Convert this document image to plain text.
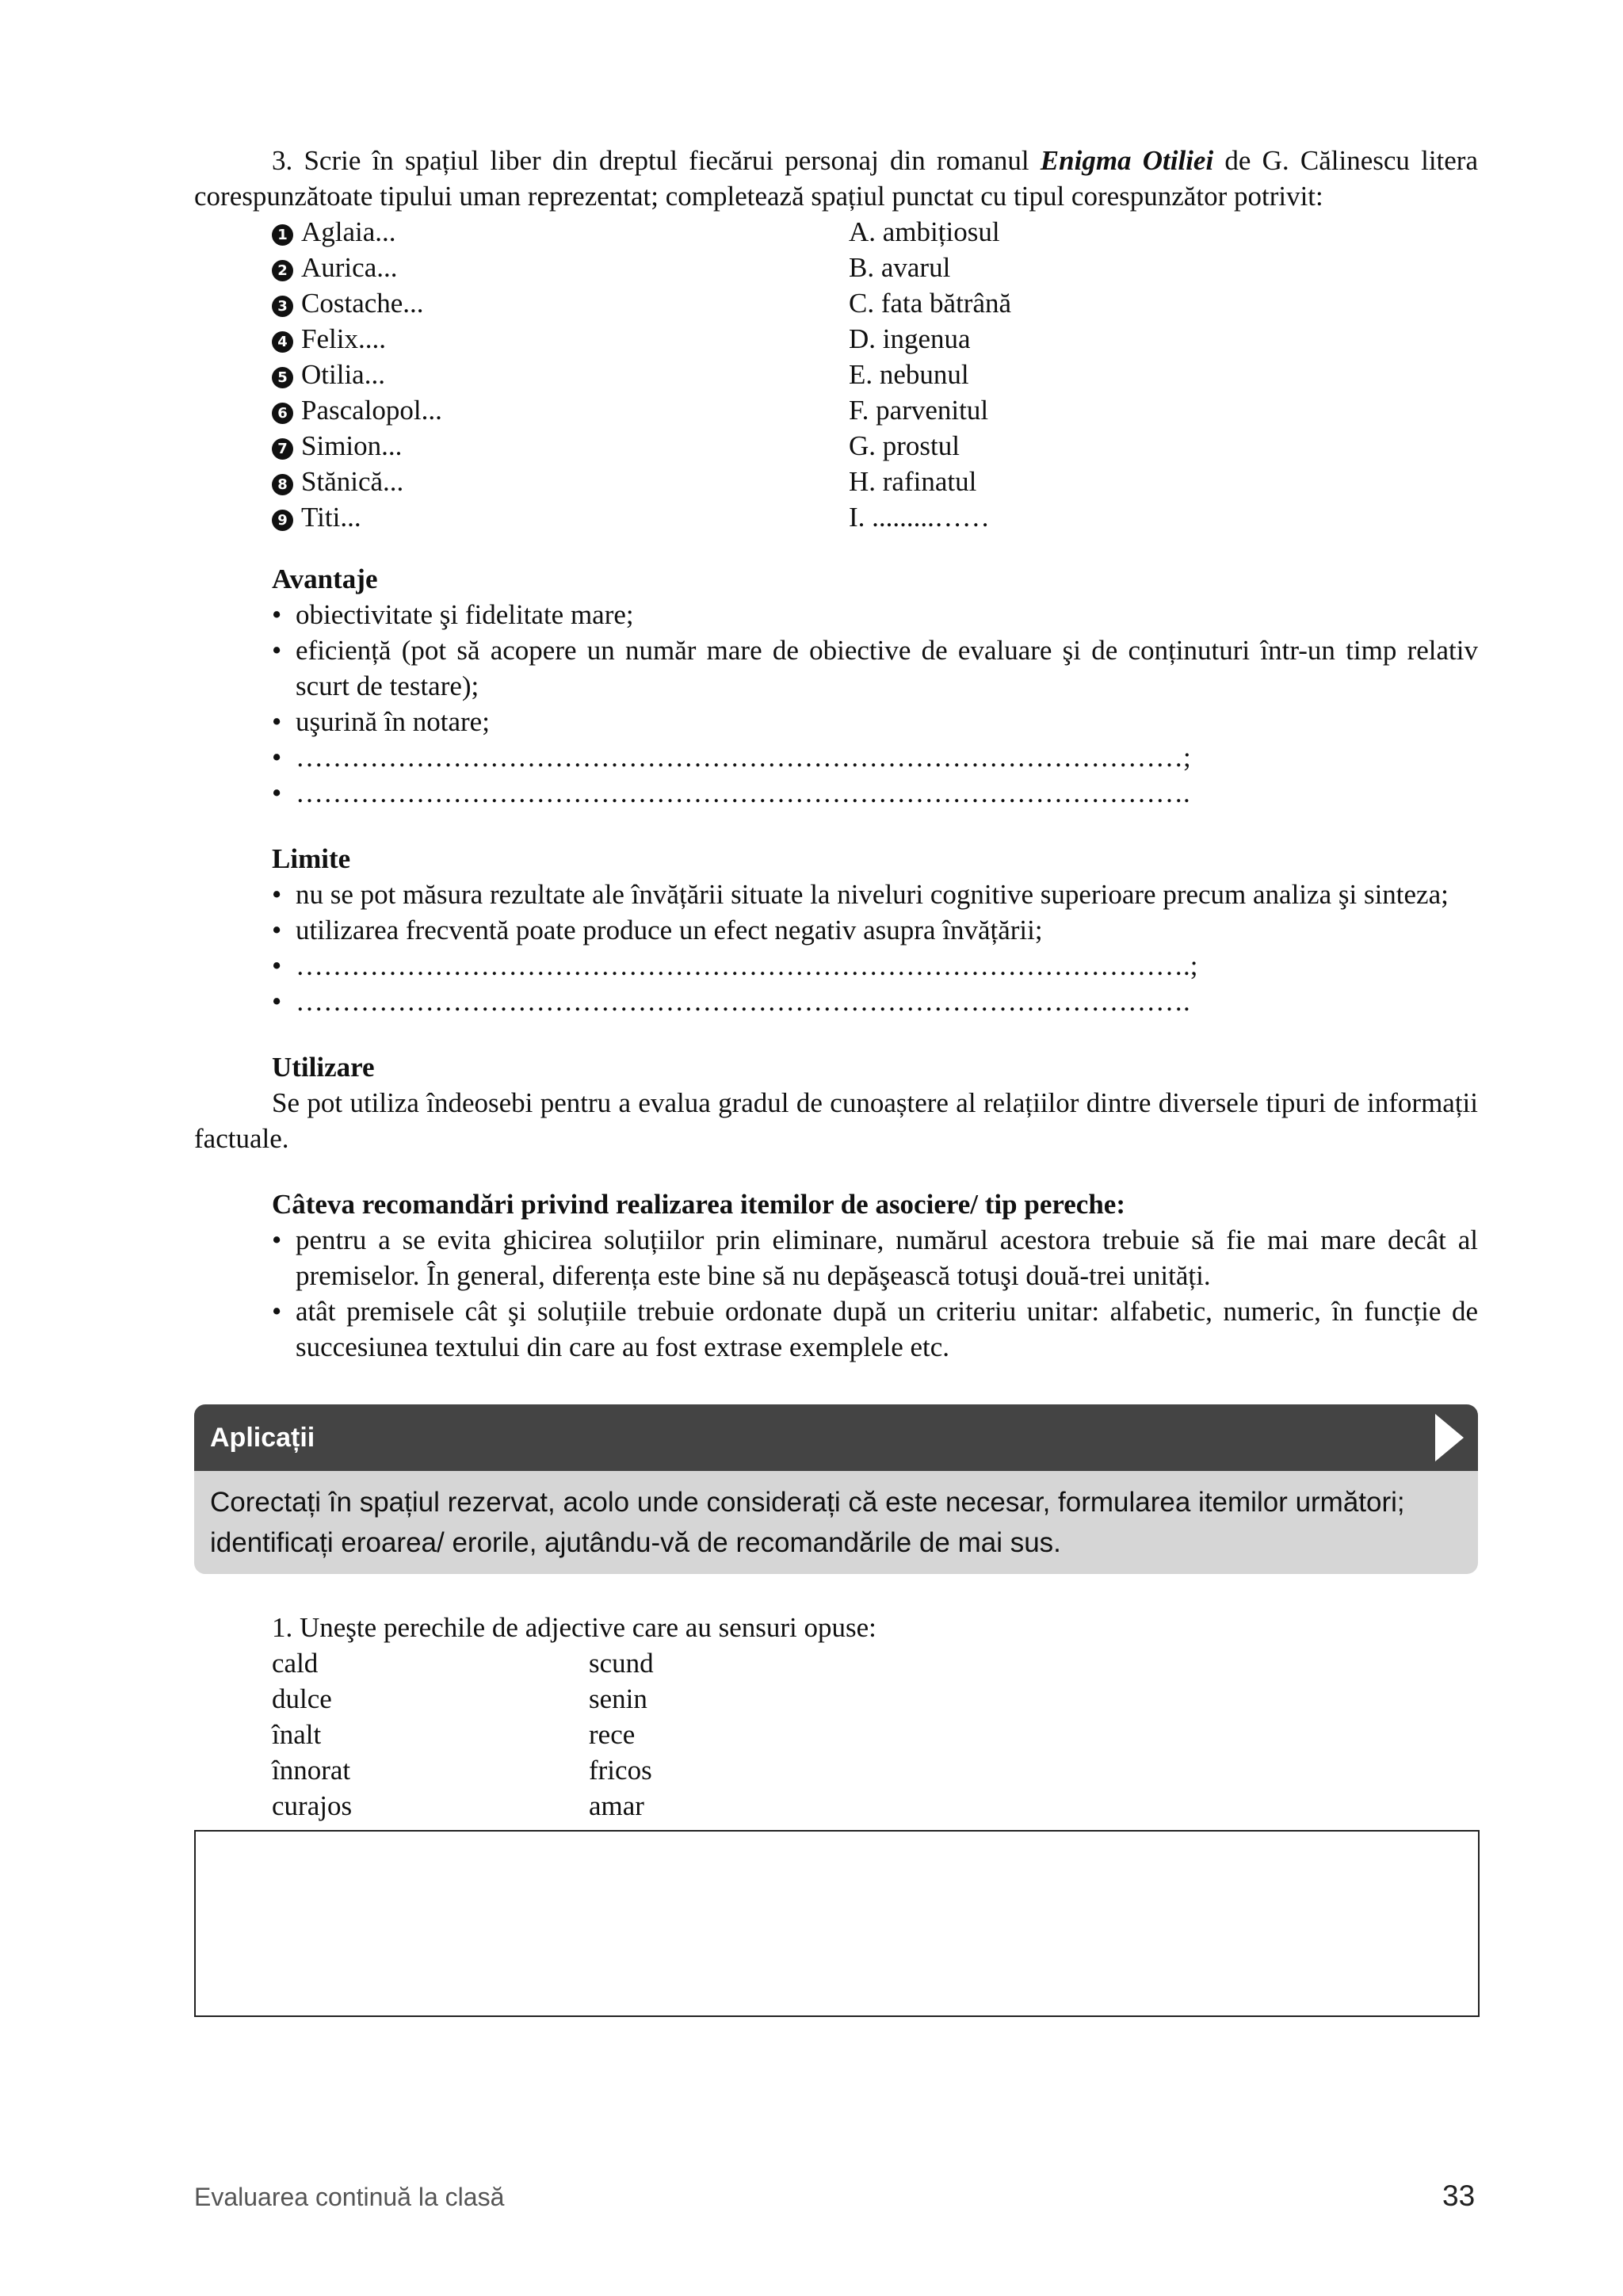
3. Scrie în spațiul liber din dreptul fiecărui personaj din romanul Enigma Otiliei de G. Călinescu litera corespunzătoate tipului uman reprezentat; completează spațiul punctat cu tipul corespunzător potrivit:

1 Aglaia...
2 Aurica...
3 Costache...
4 Felix....
5 Otilia...
6 Pascalopol...
7 Simion...
8 Stănică...
9 Titi...
A. ambițiosul
B. avarul
C. fata bătrână
D. ingenua
E. nebunul
F. parvenitul
G. prostul
H. rafinatul
I. .........……
Avantaje
• obiectivitate şi fidelitate mare;
• eficiență (pot să acopere un număr mare de obiective de evaluare şi de conținuturi într-un timp relativ scurt de testare);
• uşurină în notare;
• ……………………………………………………………………………………;
• …………………………………………………………………………………….
Limite
• nu se pot măsura rezultate ale învățării situate la niveluri cognitive superioare precum analiza şi sinteza;
• utilizarea frecventă poate produce un efect negativ asupra învățării;
• …………………………………………………………………………………….;
• …………………………………………………………………………………….
Utilizare

Se pot utiliza îndeosebi pentru a evalua gradul de cunoaștere al relațiilor dintre diversele tipuri de informații factuale.

Câteva recomandări privind realizarea itemilor de asociere/ tip pereche:
• pentru a se evita ghicirea soluțiilor prin eliminare, numărul acestora trebuie să fie mai mare decât al premiselor. În general, diferența este bine să nu depăşească totuşi două-trei unități.
• atât premisele cât şi soluțiile trebuie ordonate după un criteriu unitar: alfabetic, numeric, în funcție de succesiunea textului din care au fost extrase exemplele etc.
Aplicații
Corectați în spațiul rezervat, acolo unde considerați că este necesar, formularea itemilor următori; identificați eroarea/ erorile, ajutându-vă de recomandările de mai sus.
1. Uneşte perechile de adjective care au sensuri opuse:
cald
dulce
înalt
înnorat
curajos
scund
senin
rece
fricos
amar
Evaluarea continuă la clasă	33
